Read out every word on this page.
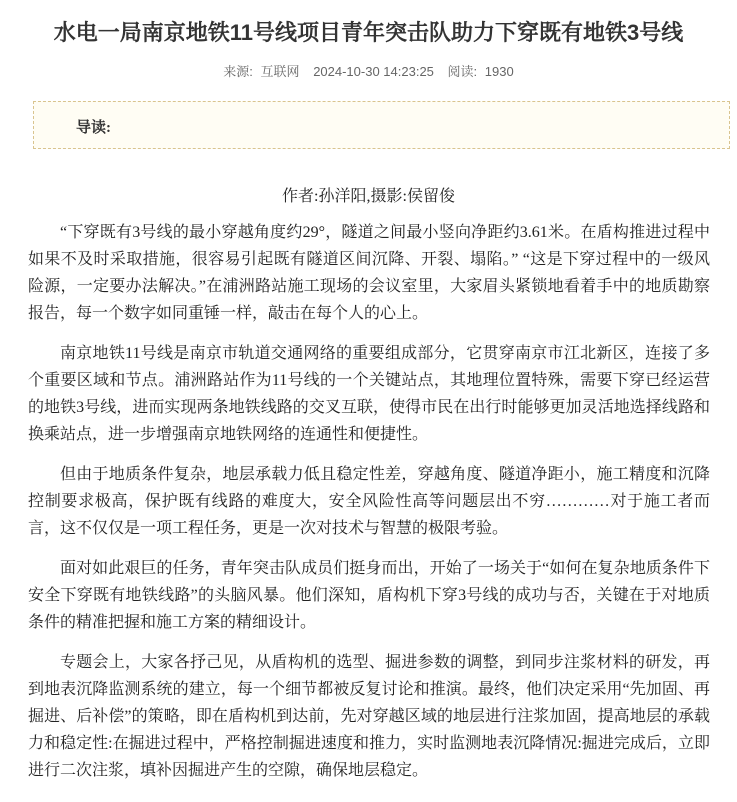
水电一局南京地铁11号线项目青年突击队助力下穿既有地铁3号线
来源: 互联网 2024-10-30 14:23:25 阅读: 1930
导读:
作者:孙洋阳,摄影:侯留俊

“下穿既有3号线的最小穿越角度约29°，隧道之间最小竖向净距约3.61米。在盾构推进过程中如果不及时采取措施，很容易引起既有隧道区间沉降、开裂、塌陷。” “这是下穿过程中的一级风险源，一定要办法解决。”在浦洲路站施工现场的会议室里，大家眉头紧锁地看着手中的地质勘察报告，每一个数字如同重锤一样，敲击在每个人的心上。

南京地铁11号线是南京市轨道交通网络的重要组成部分，它贯穿南京市江北新区，连接了多个重要区域和节点。浦洲路站作为11号线的一个关键站点，其地理位置特殊，需要下穿已经运营的地铁3号线，进而实现两条地铁线路的交叉互联，使得市民在出行时能够更加灵活地选择线路和换乘站点，进一步增强南京地铁网络的连通性和便捷性。

但由于地质条件复杂，地层承载力低且稳定性差，穿越角度、隧道净距小，施工精度和沉降控制要求极高，保护既有线路的难度大，安全风险性高等问题层出不穷…………对于施工者而言，这不仅仅是一项工程任务，更是一次对技术与智慧的极限考验。

面对如此艰巨的任务，青年突击队成员们挺身而出，开始了一场关于“如何在复杂地质条件下安全下穿既有地铁线路”的头脑风暴。他们深知，盾构机下穿3号线的成功与否，关键在于对地质条件的精准把握和施工方案的精细设计。

专题会上，大家各抒己见，从盾构机的选型、掘进参数的调整，到同步注浆材料的研发，再到地表沉降监测系统的建立，每一个细节都被反复讨论和推演。最终，他们决定采用“先加固、再掘进、后补偿”的策略，即在盾构机到达前，先对穿越区域的地层进行注浆加固，提高地层的承载力和稳定性:在掘进过程中，严格控制掘进速度和推力，实时监测地表沉降情况:掘进完成后，立即进行二次注浆，填补因掘进产生的空隙，确保地层稳定。
